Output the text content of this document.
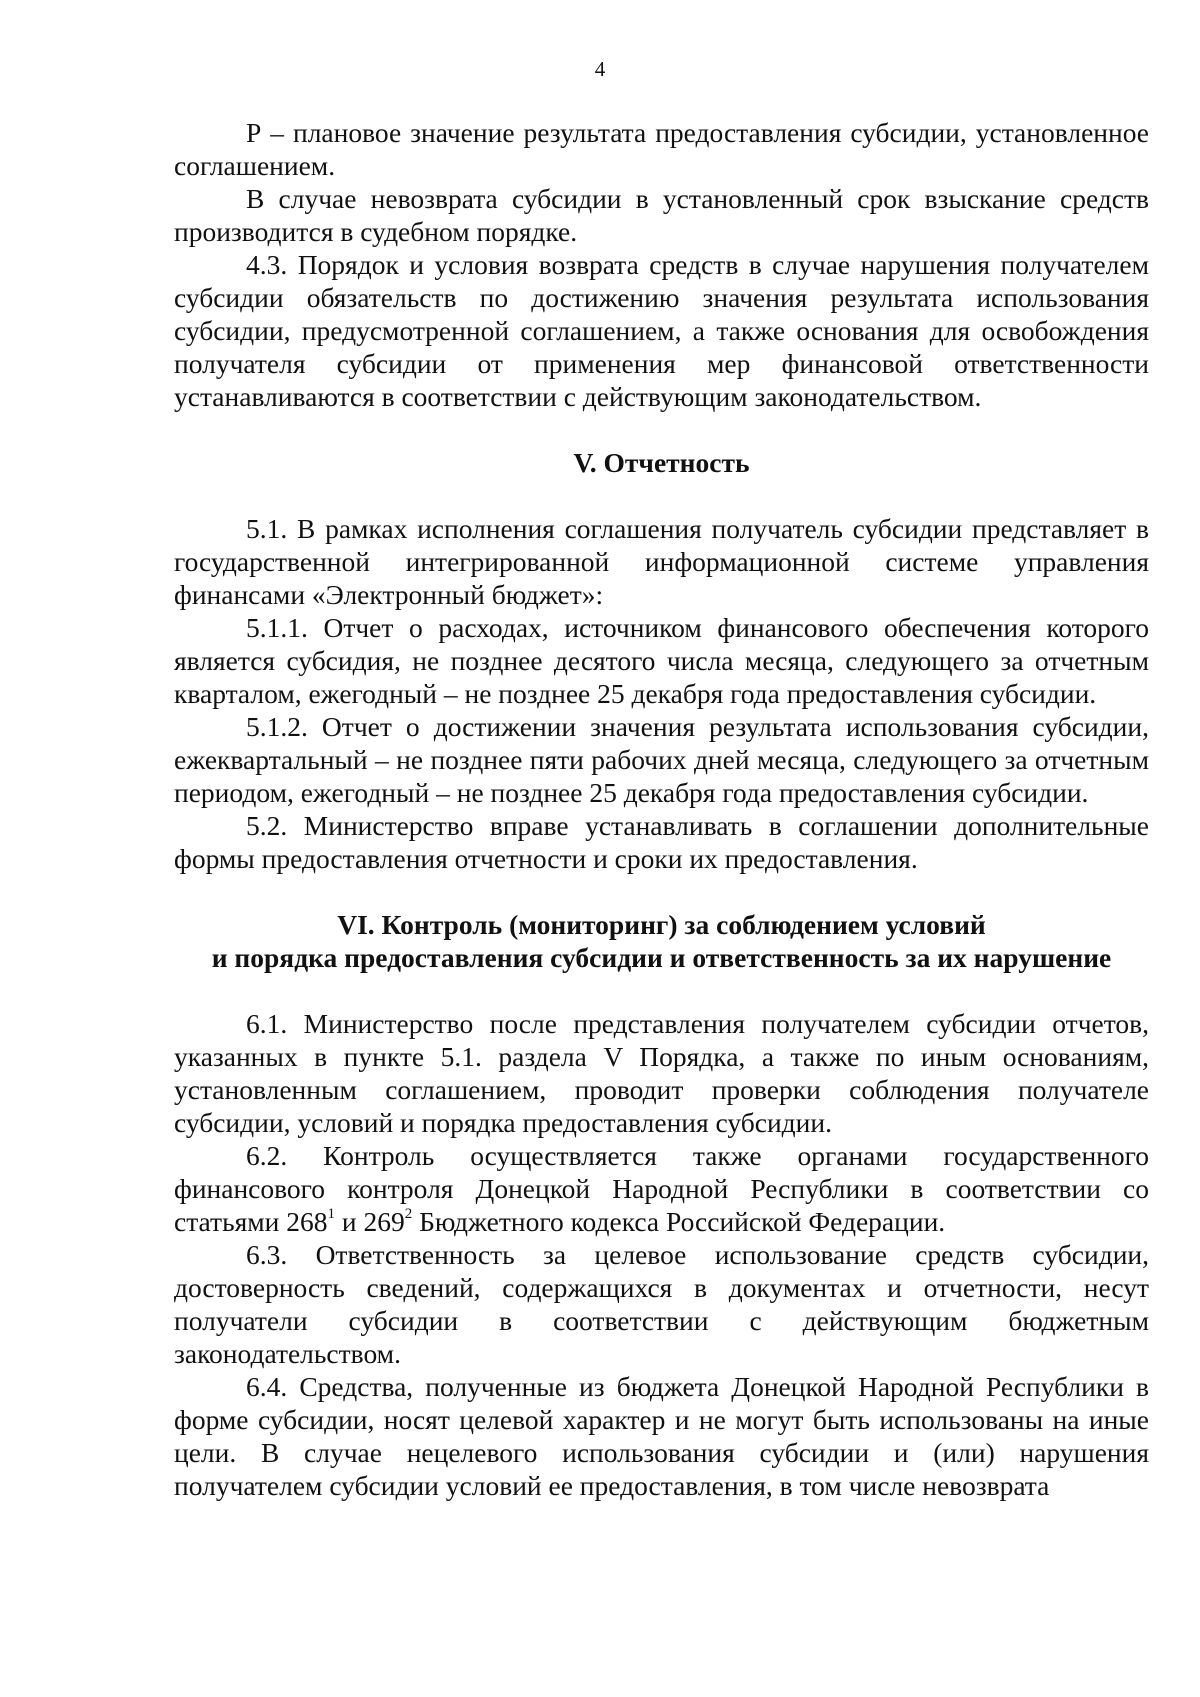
4

Р – плановое значение результата предоставления субсидии, установленное соглашением.

В случае невозврата субсидии в установленный срок взыскание средств производится в судебном порядке.

4.3. Порядок и условия возврата средств в случае нарушения получателем субсидии обязательств по достижению значения результата использования субсидии, предусмотренной соглашением, а также основания для освобождения получателя субсидии от применения мер финансовой ответственности устанавливаются в соответствии с действующим законодательством.

V. Отчетность

5.1. В рамках исполнения соглашения получатель субсидии представляет в государственной интегрированной информационной системе управления финансами «Электронный бюджет»:

5.1.1. Отчет о расходах, источником финансового обеспечения которого является субсидия, не позднее десятого числа месяца, следующего за отчетным кварталом, ежегодный – не позднее 25 декабря года предоставления субсидии.

5.1.2. Отчет о достижении значения результата использования субсидии, ежеквартальный – не позднее пяти рабочих дней месяца, следующего за отчетным периодом, ежегодный – не позднее 25 декабря года предоставления субсидии.

5.2. Министерство вправе устанавливать в соглашении дополнительные формы предоставления отчетности и сроки их предоставления.

VI. Контроль (мониторинг) за соблюдением условий
и порядка предоставления субсидии и ответственность за их нарушение

6.1. Министерство после представления получателем субсидии отчетов, указанных в пункте 5.1. раздела V Порядка, а также по иным основаниям, установленным соглашением, проводит проверки соблюдения получателе субсидии, условий и порядка предоставления субсидии.

6.2. Контроль осуществляется также органами государственного финансового контроля Донецкой Народной Республики в соответствии со статьями $268^1$ и $269^2$ Бюджетного кодекса Российской Федерации.

6.3. Ответственность за целевое использование средств субсидии, достоверность сведений, содержащихся в документах и отчетности, несут получатели субсидии в соответствии с действующим бюджетным законодательством.

6.4. Средства, полученные из бюджета Донецкой Народной Республики в форме субсидии, носят целевой характер и не могут быть использованы на иные цели. В случае нецелевого использования субсидии и (или) нарушения получателем субсидии условий ее предоставления, в том числе невозврата
